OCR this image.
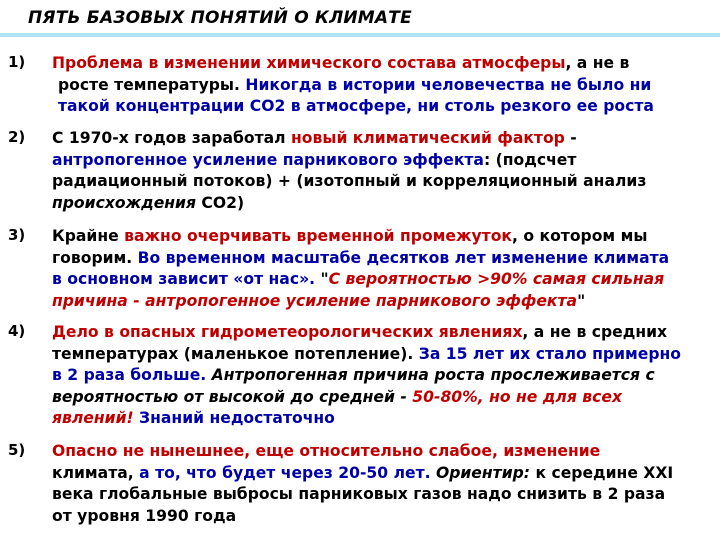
ПЯТЬ БАЗОВЫХ ПОНЯТИЙ О КЛИМАТЕ
1) Проблема в изменении химического состава атмосферы, а не в
росте температуры. Никогда в истории человечества не было ни
такой концентрации СО2 в атмосфере, ни столь резкого ее роста
2) С 1970-х годов заработал новый климатический фактор -
антропогенное усиление парникового эффекта: (подсчет
радиационный потоков) + (изотопный и корреляционный анализ
происхождения СО2)
3) Крайне важно очерчивать временной промежуток, о котором мы
говорим. Во временном масштабе десятков лет изменение климата
в основном зависит «от нас». "С вероятностью >90% самая сильная
причина - антропогенное усиление парникового эффекта"
4) Дело в опасных гидрометеорологических явлениях, а не в средних
температурах (маленькое потепление). За 15 лет их стало примерно
в 2 раза больше. Антропогенная причина роста прослеживается с
вероятностью от высокой до средней - 50-80%, но не для всех
явлений! Знаний недостаточно
5) Опасно не нынешнее, еще относительно слабое, изменение
климата, а то, что будет через 20-50 лет. Ориентир: к середине XXI
века глобальные выбросы парниковых газов надо снизить в 2 раза
от уровня 1990 года
